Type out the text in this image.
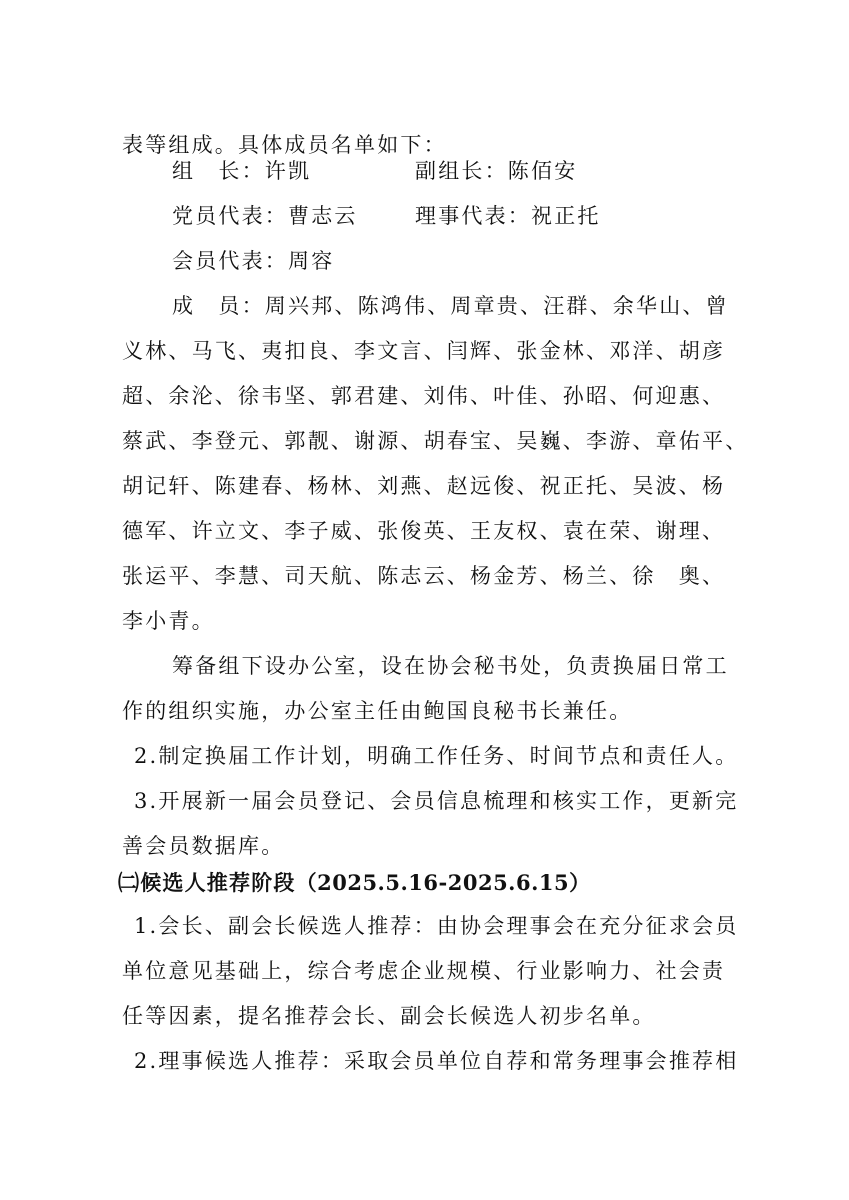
表等组成。具体成员名单如下：
组　长：许凯	副组长：陈佰安
党员代表：曹志云	理事代表：祝正托
会员代表：周容
成　员：周兴邦、陈鸿伟、周章贵、汪群、余华山、曾
义林、马飞、夷扣良、李文言、闫辉、张金林、邓洋、胡彦
超、余沦、徐韦坚、郭君建、刘伟、叶佳、孙昭、何迎惠、
蔡武、李登元、郭靓、谢源、胡春宝、吴巍、李游、章佑平、
胡记轩、陈建春、杨林、刘燕、赵远俊、祝正托、吴波、杨
德军、许立文、李子威、张俊英、王友权、袁在荣、谢理、
张运平、李慧、司天航、陈志云、杨金芳、杨兰、徐　奥、
李小青。
筹备组下设办公室，设在协会秘书处，负责换届日常工
作的组织实施，办公室主任由鲍国良秘书长兼任。
2.制定换届工作计划，明确工作任务、时间节点和责任人。
3.开展新一届会员登记、会员信息梳理和核实工作，更新完
善会员数据库。
㈡候选人推荐阶段（2025.5.16-2025.6.15）
1.会长、副会长候选人推荐：由协会理事会在充分征求会员
单位意见基础上，综合考虑企业规模、行业影响力、社会责
任等因素，提名推荐会长、副会长候选人初步名单。
2.理事候选人推荐：采取会员单位自荐和常务理事会推荐相
